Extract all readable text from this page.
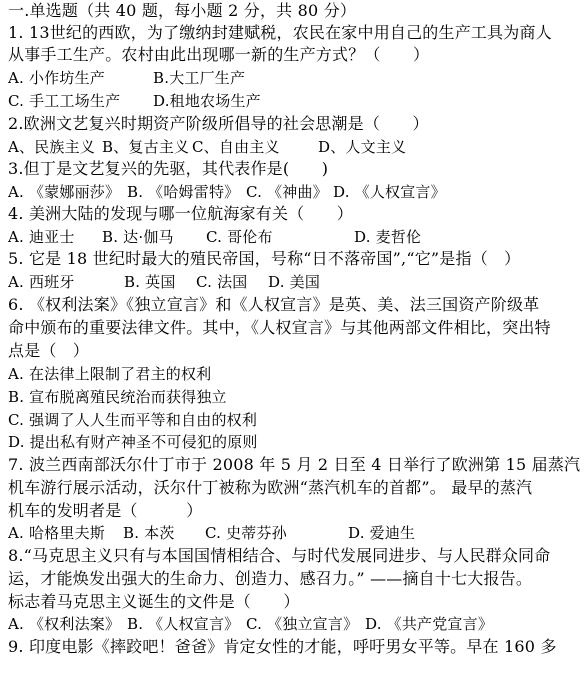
一.单选题（共 40 题，每小题 2 分，共 80 分）
1. 13世纪的西欧，为了缴纳封建赋税，农民在家中用自己的生产工具为商人
从事手工生产。农村由此出现哪一新的生产方式？（　　）
A. 小作坊生产	B.大工厂生产
C. 手工工场生产 D.租地农场生产
2.欧洲文艺复兴时期资产阶级所倡导的社会思潮是（　　）
A、民族主义 B、复古主义 C、自由主义	D、人文主义
3.但丁是文艺复兴的先驱，其代表作是(　　)
A. 《蒙娜丽莎》 B. 《哈姆雷特》 C. 《神曲》 D. 《人权宣言》
4. 美洲大陆的发现与哪一位航海家有关（　　）
A. 迪亚士 B. 达·伽马 C. 哥伦布	D. 麦哲伦
5. 它是 18 世纪时最大的殖民帝国，号称“日不落帝国”,“它”是指（　）
A. 西班牙	B. 英国 C. 法国 D. 美国
6. 《权利法案》《独立宣言》和《人权宣言》是英、美、法三国资产阶级革
命中颁布的重要法律文件。其中，《人权宣言》与其他两部文件相比，突出特
点是（　）
A. 在法律上限制了君主的权利
B. 宣布脱离殖民统治而获得独立
C. 强调了人人生而平等和自由的权利
D. 提出私有财产神圣不可侵犯的原则
7. 波兰西南部沃尔什丁市于 2008 年 5 月 2 日至 4 日举行了欧洲第 15 届蒸汽
机车游行展示活动，沃尔什丁被称为欧洲“蒸汽机车的首都”。 最早的蒸汽
机车的发明者是（　　　）
A. 哈格里夫斯 B. 本茨 C. 史蒂芬孙	D. 爱迪生
8.“马克思主义只有与本国国情相结合、与时代发展同进步、与人民群众同命
运，才能焕发出强大的生命力、创造力、感召力。” ——摘自十七大报告。
标志着马克思主义诞生的文件是（　　）
A. 《权利法案》 B. 《人权宣言》 C. 《独立宣言》 D. 《共产党宣言》
9. 印度电影《摔跤吧！爸爸》肯定女性的才能，呼吁男女平等。早在 160 多
